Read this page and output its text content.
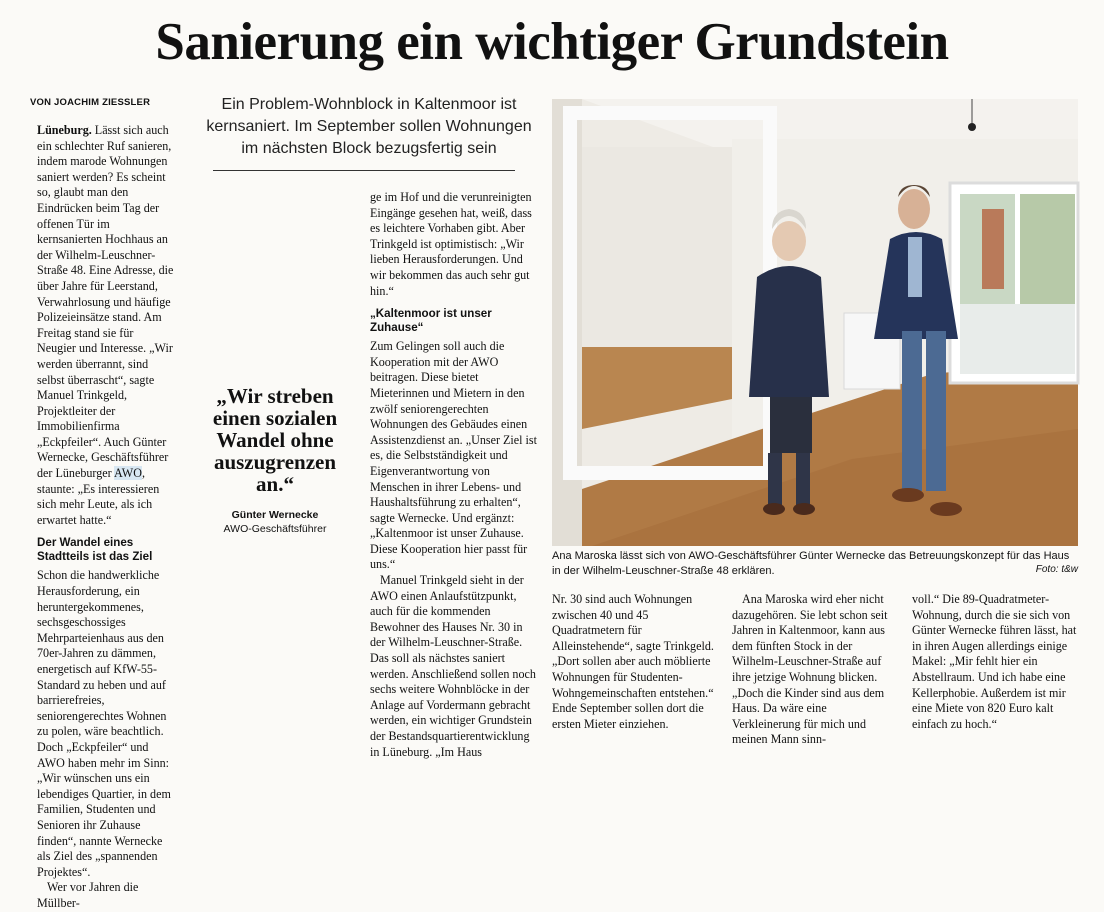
Sanierung ein wichtiger Grundstein
VON JOACHIM ZIESSLER	Ein Problem-Wohnblock in Kaltenmoor ist kernsaniert. Im September sollen Wohnungen im nächsten Block bezugsfertig sein

Lüneburg. Lässt sich auch ein schlechter Ruf sanieren, indem marode Wohnungen saniert werden? Es scheint so, glaubt man den Eindrücken beim Tag der offenen Tür im kernsanierten Hochhaus an der Wilhelm-Leuschner-Straße 48. Eine Adresse, die über Jahre für Leerstand, Verwahrlosung und häufige Polizeieinsätze stand. Am Freitag stand sie für Neugier und Interesse. „Wir werden überrannt, sind selbst überrascht“, sagte Manuel Trinkgeld, Projektleiter der Immobilienfirma „Eckpfeiler“. Auch Günter Wernecke, Geschäftsführer der Lüneburger AWO, staunte: „Es interessieren sich mehr Leute, als ich erwartet hatte.“

Der Wandel eines Stadtteils ist das Ziel

Schon die handwerkliche Herausforderung, ein heruntergekommenes, sechsgeschossiges Mehrparteienhaus aus den 70er-Jahren zu dämmen, energetisch auf KfW-55-Standard zu heben und auf barrierefreies, seniorengerechtes Wohnen zu polen, wäre beachtlich. Doch „Eckpfeiler“ und AWO haben mehr im Sinn: „Wir wünschen uns ein lebendiges Quartier, in dem Familien, Studenten und Senioren ihr Zuhause finden“, nannte Wernecke als Ziel des „spannenden Projektes“.

Wer vor Jahren die Müllber-

„Wir streben einen sozialen Wandel ohne auszugrenzen an.“
Günter Wernecke
AWO-Geschäftsführer

ge im Hof und die verunreinigten Eingänge gesehen hat, weiß, dass es leichtere Vorhaben gibt. Aber Trinkgeld ist optimistisch: „Wir lieben Herausforderungen. Und wir bekommen das auch sehr gut hin.“

„Kaltenmoor ist unser Zuhause“

Zum Gelingen soll auch die Kooperation mit der AWO beitragen. Diese bietet Mieterinnen und Mietern in den zwölf seniorengerechten Wohnungen des Gebäudes einen Assistenzdienst an. „Unser Ziel ist es, die Selbstständigkeit und Eigenverantwortung von Menschen in ihrer Lebens- und Haushaltsführung zu erhalten“, sagte Wernecke. Und ergänzt: „Kaltenmoor ist unser Zuhause. Diese Kooperation hier passt für uns.“

Manuel Trinkgeld sieht in der AWO einen Anlaufstützpunkt, auch für die kommenden Bewohner des Hauses Nr. 30 in der Wilhelm-Leuschner-Straße. Das soll als nächstes saniert werden. Anschließend sollen noch sechs weitere Wohnblöcke in der Anlage auf Vordermann gebracht werden, ein wichtiger Grundstein der Bestandsquartierentwicklung in Lüneburg. „Im Haus

Ana Maroska lässt sich von AWO-Geschäftsführer Günter Wernecke das Betreuungskonzept für das Haus in der Wilhelm-Leuschner-Straße 48 erklären.	Foto: t&w

Nr. 30 sind auch Wohnungen zwischen 40 und 45 Quadratmetern für Alleinstehende“, sagte Trinkgeld. „Dort sollen aber auch möblierte Wohnungen für Studenten-Wohngemeinschaften entstehen.“ Ende September sollen dort die ersten Mieter einziehen.

Ana Maroska wird eher nicht dazugehören. Sie lebt schon seit Jahren in Kaltenmoor, kann aus dem fünften Stock in der Wilhelm-Leuschner-Straße auf ihre jetzige Wohnung blicken. „Doch die Kinder sind aus dem Haus. Da wäre eine Verkleinerung für mich und meinen Mann sinn-

voll.“ Die 89-Quadratmeter-Wohnung, durch die sie sich von Günter Wernecke führen lässt, hat in ihren Augen allerdings einige Makel: „Mir fehlt hier ein Abstellraum. Und ich habe eine Kellerphobie. Außerdem ist mir eine Miete von 820 Euro kalt einfach zu hoch.“
